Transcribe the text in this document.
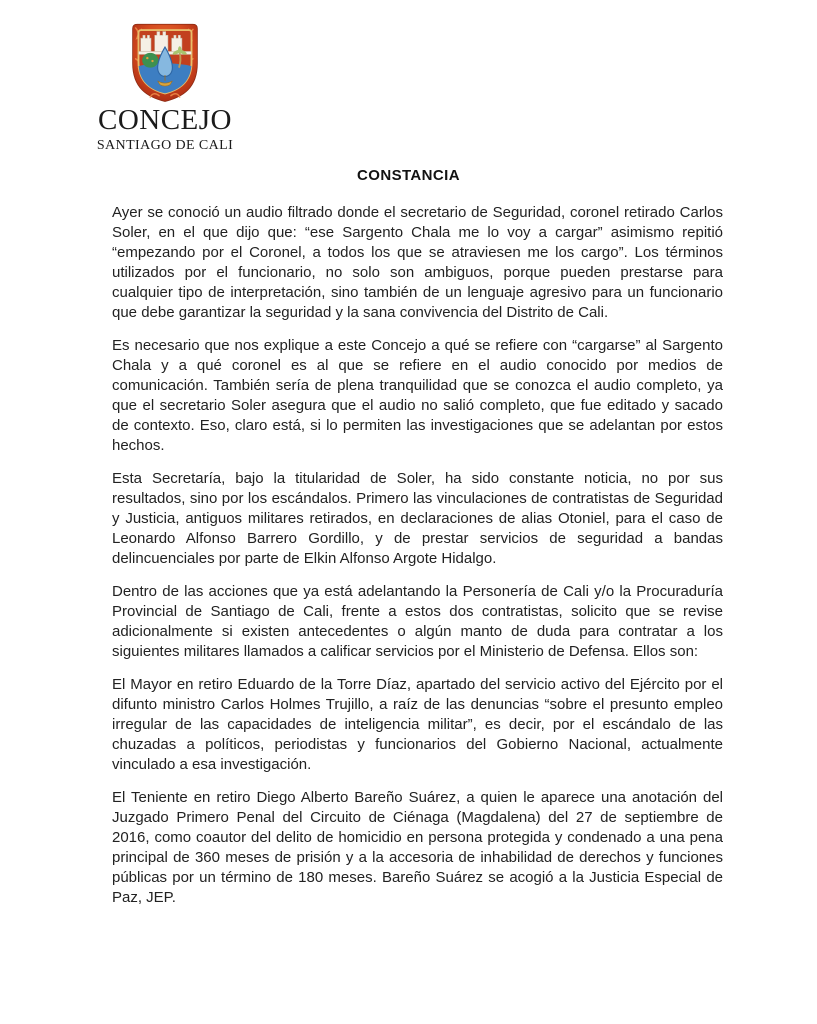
CONCEJO
SANTIAGO DE CALI
CONSTANCIA

Ayer se conoció un audio filtrado donde el secretario de Seguridad, coronel retirado Carlos Soler, en el que dijo que: “ese Sargento Chala me lo voy a cargar” asimismo repitió “empezando por el Coronel, a todos los que se atraviesen me los cargo”. Los términos utilizados por el funcionario, no solo son ambiguos, porque pueden prestarse para cualquier tipo de interpretación, sino también de un lenguaje agresivo para un funcionario que debe garantizar la seguridad y la sana convivencia del Distrito de Cali.

Es necesario que nos explique a este Concejo a qué se refiere con “cargarse” al Sargento Chala y a qué coronel es al que se refiere en el audio conocido por medios de comunicación. También sería de plena tranquilidad que se conozca el audio completo, ya que el secretario Soler asegura que el audio no salió completo, que fue editado y sacado de contexto. Eso, claro está, si lo permiten las investigaciones que se adelantan por estos hechos.

Esta Secretaría, bajo la titularidad de Soler, ha sido constante noticia, no por sus resultados, sino por los escándalos. Primero las vinculaciones de contratistas de Seguridad y Justicia, antiguos militares retirados, en declaraciones de alias Otoniel, para el caso de Leonardo Alfonso Barrero Gordillo, y de prestar servicios de seguridad a bandas delincuenciales por parte de Elkin Alfonso Argote Hidalgo.

Dentro de las acciones que ya está adelantando la Personería de Cali y/o la Procuraduría Provincial de Santiago de Cali, frente a estos dos contratistas, solicito que se revise adicionalmente si existen antecedentes o algún manto de duda para contratar a los siguientes militares llamados a calificar servicios por el Ministerio de Defensa. Ellos son:

El Mayor en retiro Eduardo de la Torre Díaz, apartado del servicio activo del Ejército por el difunto ministro Carlos Holmes Trujillo, a raíz de las denuncias “sobre el presunto empleo irregular de las capacidades de inteligencia militar”, es decir, por el escándalo de las chuzadas a políticos, periodistas y funcionarios del Gobierno Nacional, actualmente vinculado a esa investigación.

El Teniente en retiro Diego Alberto Bareño Suárez, a quien le aparece una anotación del Juzgado Primero Penal del Circuito de Ciénaga (Magdalena) del 27 de septiembre de 2016, como coautor del delito de homicidio en persona protegida y condenado a una pena principal de 360 meses de prisión y a la accesoria de inhabilidad de derechos y funciones públicas por un término de 180 meses. Bareño Suárez se acogió a la Justicia Especial de Paz, JEP.
